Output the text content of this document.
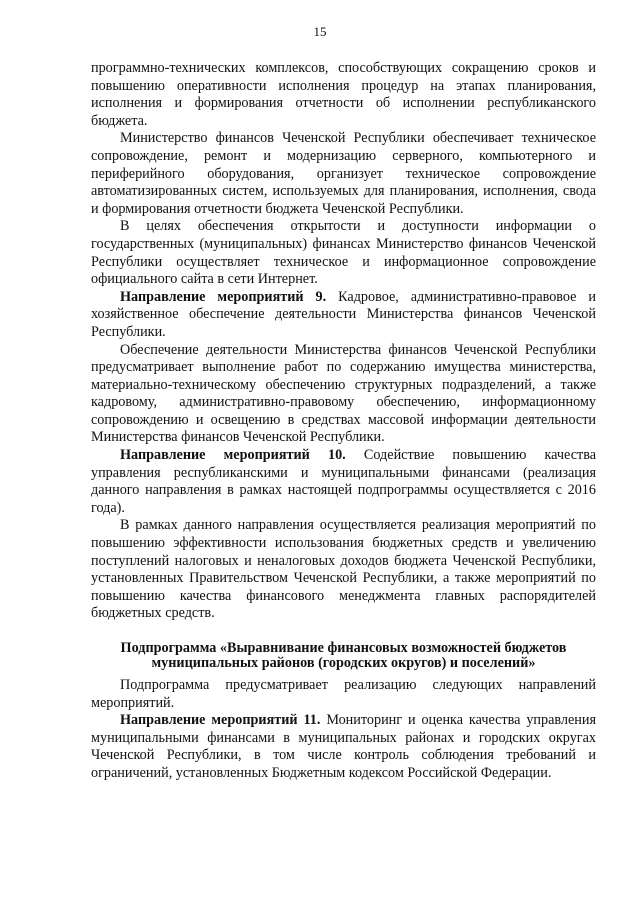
15

программно-технических комплексов, способствующих сокращению сроков и повышению оперативности исполнения процедур на этапах планирования, исполнения и формирования отчетности об исполнении республиканского бюджета.

Министерство финансов Чеченской Республики обеспечивает техническое сопровождение, ремонт и модернизацию серверного, компьютерного и периферийного оборудования, организует техническое сопровождение автоматизированных систем, используемых для планирования, исполнения, свода и формирования отчетности бюджета Чеченской Республики.

В целях обеспечения открытости и доступности информации о государственных (муниципальных) финансах Министерство финансов Чеченской Республики осуществляет техническое и информационное сопровождение официального сайта в сети Интернет.

Направление мероприятий 9. Кадровое, административно-правовое и хозяйственное обеспечение деятельности Министерства финансов Чеченской Республики.

Обеспечение деятельности Министерства финансов Чеченской Республики предусматривает выполнение работ по содержанию имущества министерства, материально-техническому обеспечению структурных подразделений, а также кадровому, административно-правовому обеспечению, информационному сопровождению и освещению в средствах массовой информации деятельности Министерства финансов Чеченской Республики.

Направление мероприятий 10. Содействие повышению качества управления республиканскими и муниципальными финансами (реализация данного направления в рамках настоящей подпрограммы осуществляется с 2016 года).

В рамках данного направления осуществляется реализация мероприятий по повышению эффективности использования бюджетных средств и увеличению поступлений налоговых и неналоговых доходов бюджета Чеченской Республики, установленных Правительством Чеченской Республики, а также мероприятий по повышению качества финансового менеджмента главных распорядителей бюджетных средств.

Подпрограмма «Выравнивание финансовых возможностей бюджетов муниципальных районов (городских округов) и поселений»

Подпрограмма предусматривает реализацию следующих направлений мероприятий.

Направление мероприятий 11. Мониторинг и оценка качества управления муниципальными финансами в муниципальных районах и городских округах Чеченской Республики, в том числе контроль соблюдения требований и ограничений, установленных Бюджетным кодексом Российской Федерации.
